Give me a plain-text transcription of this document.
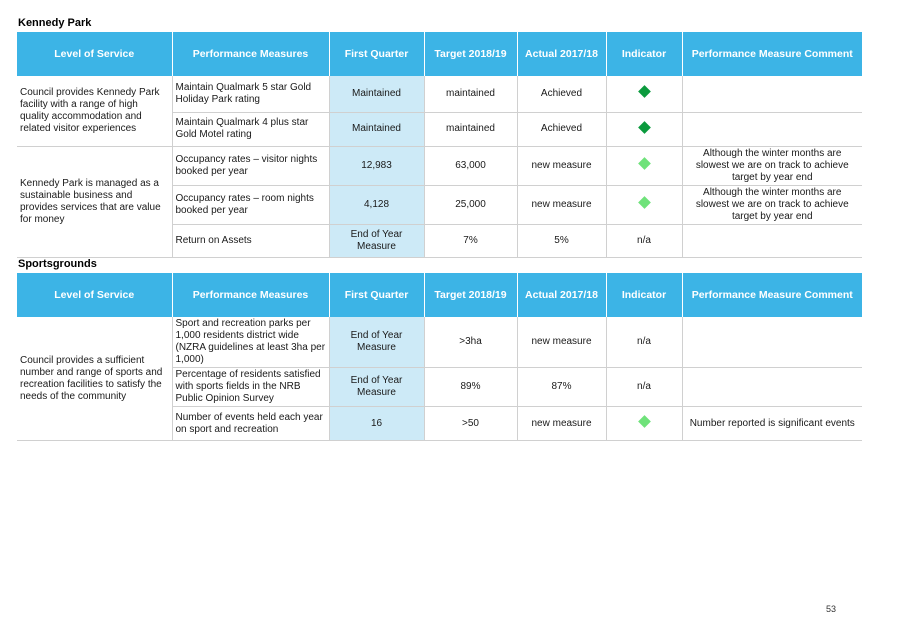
Kennedy Park
Level of Service	Performance Measures	First Quarter	Target 2018/19	Actual 2017/18	Indicator	Performance Measure Comment
Council provides Kennedy Park facility with a range of high quality accommodation and related visitor experiences	Maintain Qualmark 5 star Gold Holiday Park rating	Maintained	maintained	Achieved		
	Maintain Qualmark 4 plus star Gold Motel rating	Maintained	maintained	Achieved		
Kennedy Park is managed as a sustainable business and provides services that are value for money	Occupancy rates – visitor nights booked per year	12,983	63,000	new measure		Although the winter months are slowest we are on track to achieve target by year end
	Occupancy rates – room nights booked per year	4,128	25,000	new measure		Although the winter months are slowest we are on track to achieve target by year end
	Return on Assets	End of Year Measure	7%	5%	n/a	
Sportsgrounds
Level of Service	Performance Measures	First Quarter	Target 2018/19	Actual 2017/18	Indicator	Performance Measure Comment
Council provides a sufficient number and range of sports and recreation facilities to satisfy the needs of the community	Sport and recreation parks per 1,000 residents district wide (NZRA guidelines at least 3ha per 1,000)	End of Year Measure	>3ha	new measure	n/a	
	Percentage of residents satisfied with sports fields in the NRB Public Opinion Survey	End of Year Measure	89%	87%	n/a	
	Number of events held each year on sport and recreation	16	>50	new measure		Number reported is significant events
53
